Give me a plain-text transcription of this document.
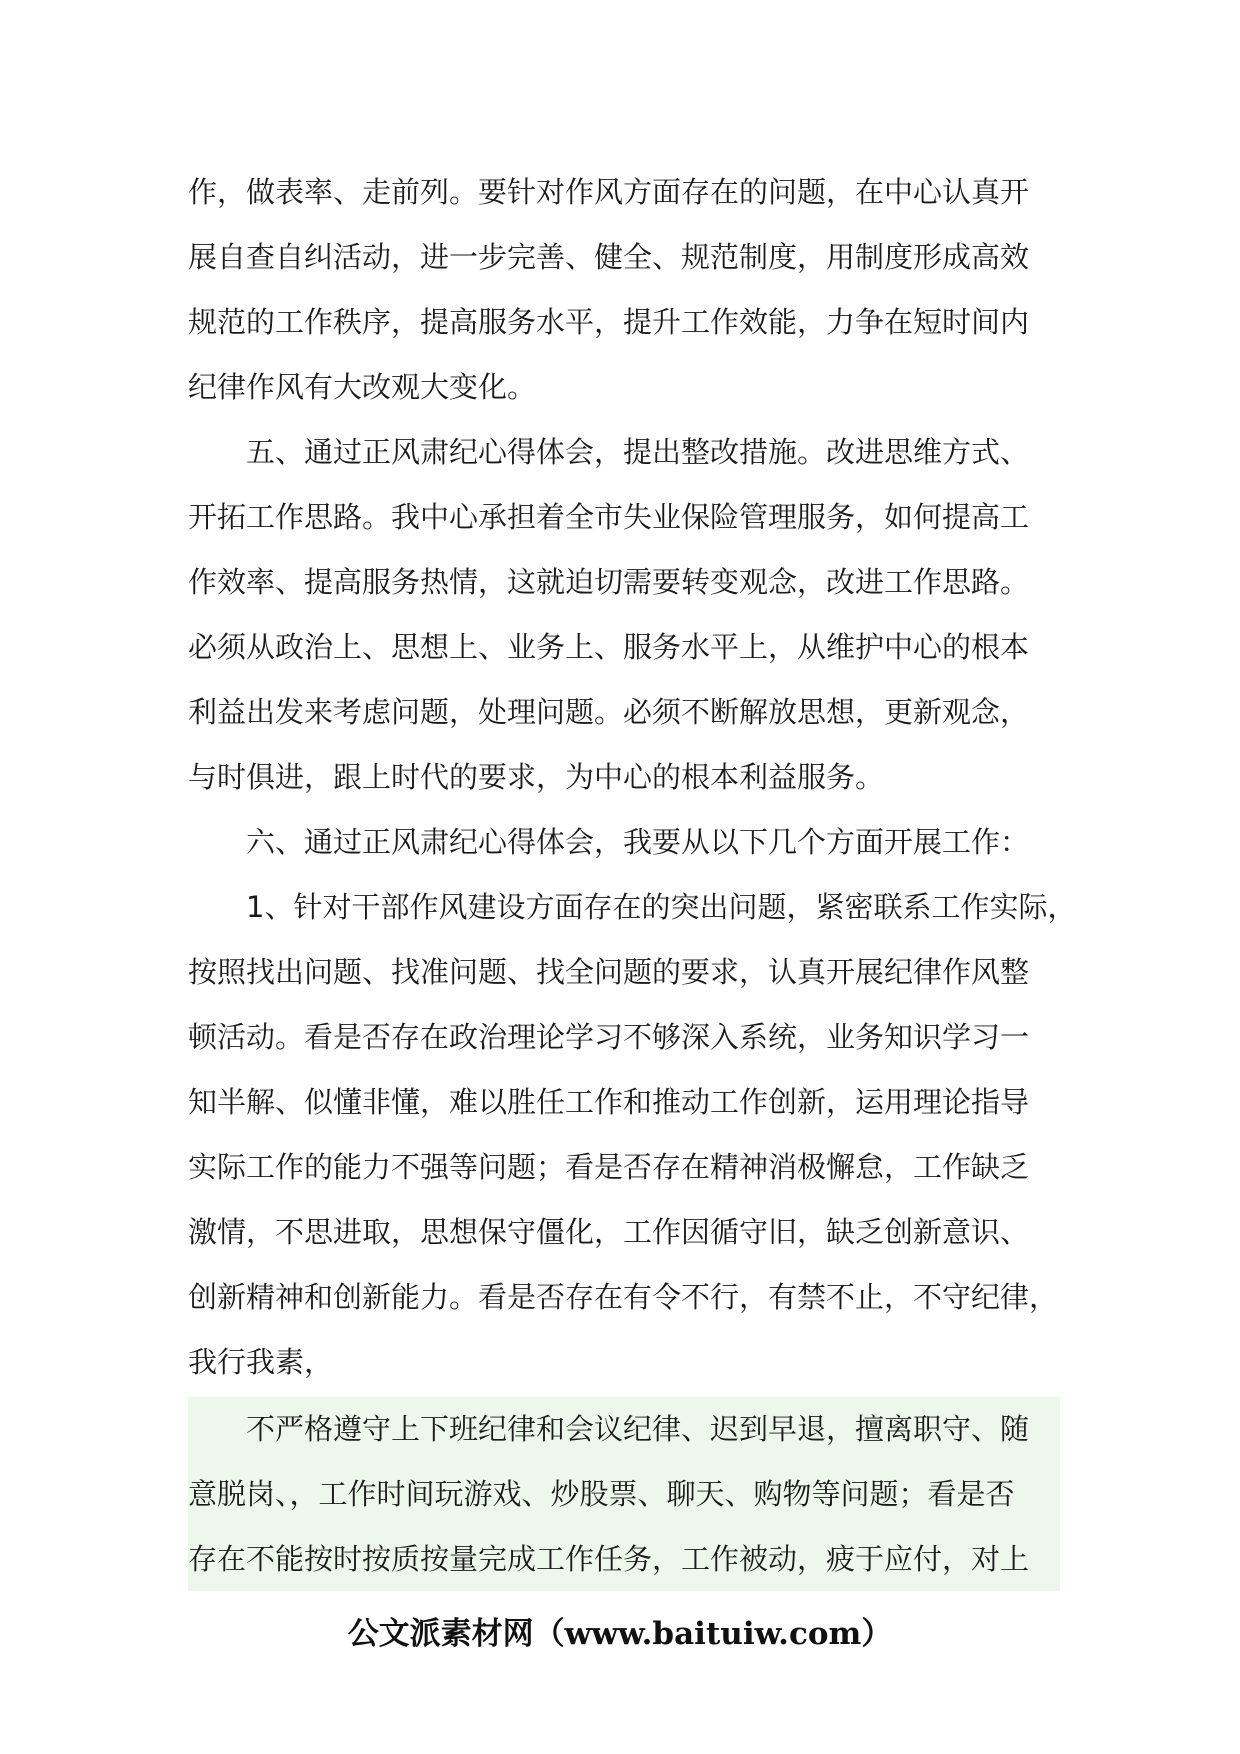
作，做表率、走前列。要针对作风方面存在的问题，在中心认真开
展自查自纠活动，进一步完善、健全、规范制度，用制度形成高效
规范的工作秩序，提高服务水平，提升工作效能，力争在短时间内
纪律作风有大改观大变化。
五、通过正风肃纪心得体会，提出整改措施。改进思维方式、
开拓工作思路。我中心承担着全市失业保险管理服务，如何提高工
作效率、提高服务热情，这就迫切需要转变观念，改进工作思路。
必须从政治上、思想上、业务上、服务水平上，从维护中心的根本
利益出发来考虑问题，处理问题。必须不断解放思想，更新观念，
与时俱进，跟上时代的要求，为中心的根本利益服务。
六、通过正风肃纪心得体会，我要从以下几个方面开展工作：
1、针对干部作风建设方面存在的突出问题，紧密联系工作实际，
按照找出问题、找准问题、找全问题的要求，认真开展纪律作风整
顿活动。看是否存在政治理论学习不够深入系统，业务知识学习一
知半解、似懂非懂，难以胜任工作和推动工作创新，运用理论指导
实际工作的能力不强等问题；看是否存在精神消极懈怠，工作缺乏
激情，不思进取，思想保守僵化，工作因循守旧，缺乏创新意识、
创新精神和创新能力。看是否存在有令不行，有禁不止，不守纪律，
我行我素，
不严格遵守上下班纪律和会议纪律、迟到早退，擅离职守、随
意脱岗、，工作时间玩游戏、炒股票、聊天、购物等问题；看是否
存在不能按时按质按量完成工作任务，工作被动，疲于应付，对上
公文派素材网（www.baituiw.com）
